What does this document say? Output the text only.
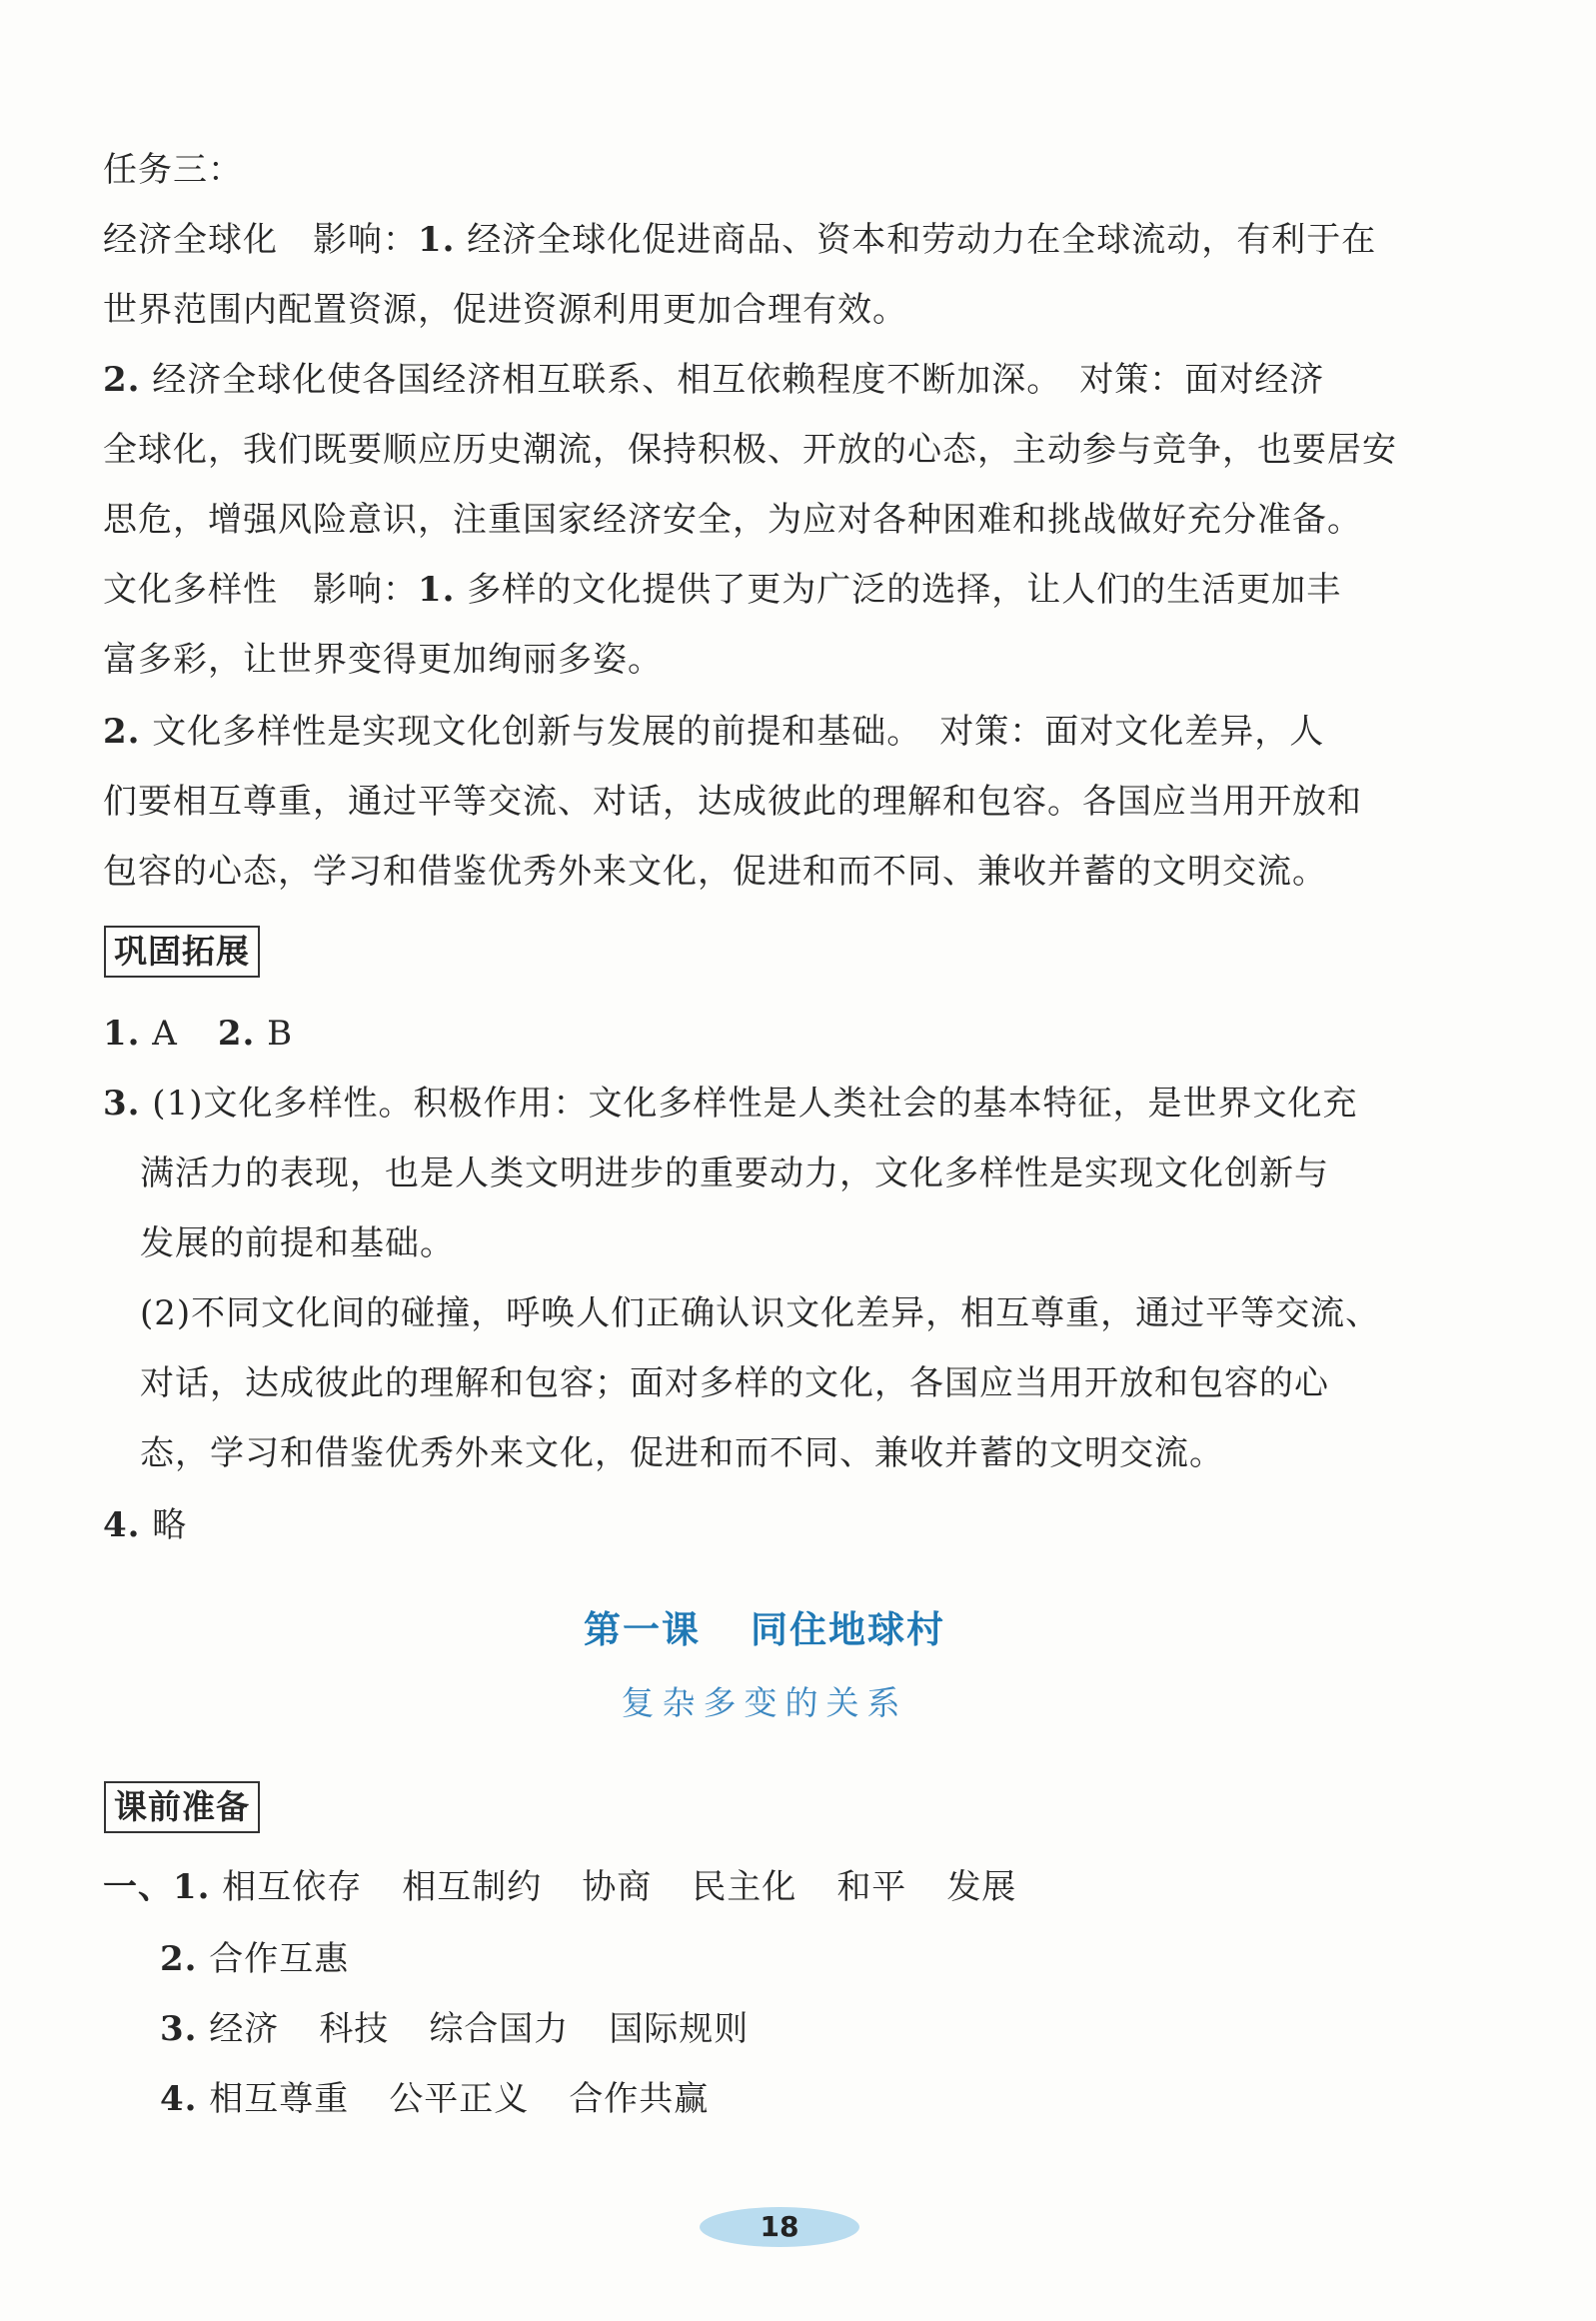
任务三：
经济全球化　影响：1. 经济全球化促进商品、资本和劳动力在全球流动，有利于在
世界范围内配置资源，促进资源利用更加合理有效。
2. 经济全球化使各国经济相互联系、相互依赖程度不断加深。　对策：面对经济
全球化，我们既要顺应历史潮流，保持积极、开放的心态，主动参与竞争，也要居安
思危，增强风险意识，注重国家经济安全，为应对各种困难和挑战做好充分准备。
文化多样性　影响：1. 多样的文化提供了更为广泛的选择，让人们的生活更加丰
富多彩，让世界变得更加绚丽多姿。
2. 文化多样性是实现文化创新与发展的前提和基础。　对策：面对文化差异，人
们要相互尊重，通过平等交流、对话，达成彼此的理解和包容。各国应当用开放和
包容的心态，学习和借鉴优秀外来文化，促进和而不同、兼收并蓄的文明交流。
巩固拓展
1. A 2. B
3. (1)文化多样性。积极作用：文化多样性是人类社会的基本特征，是世界文化充
满活力的表现，也是人类文明进步的重要动力，文化多样性是实现文化创新与
发展的前提和基础。
(2)不同文化间的碰撞，呼唤人们正确认识文化差异，相互尊重，通过平等交流、
对话，达成彼此的理解和包容；面对多样的文化，各国应当用开放和包容的心
态，学习和借鉴优秀外来文化，促进和而不同、兼收并蓄的文明交流。
4. 略
第一课 同住地球村
复杂多变的关系
课前准备
一、1. 相互依存 相互制约 协商 民主化 和平 发展
2. 合作互惠
3. 经济 科技 综合国力 国际规则
4. 相互尊重 公平正义 合作共赢
18
